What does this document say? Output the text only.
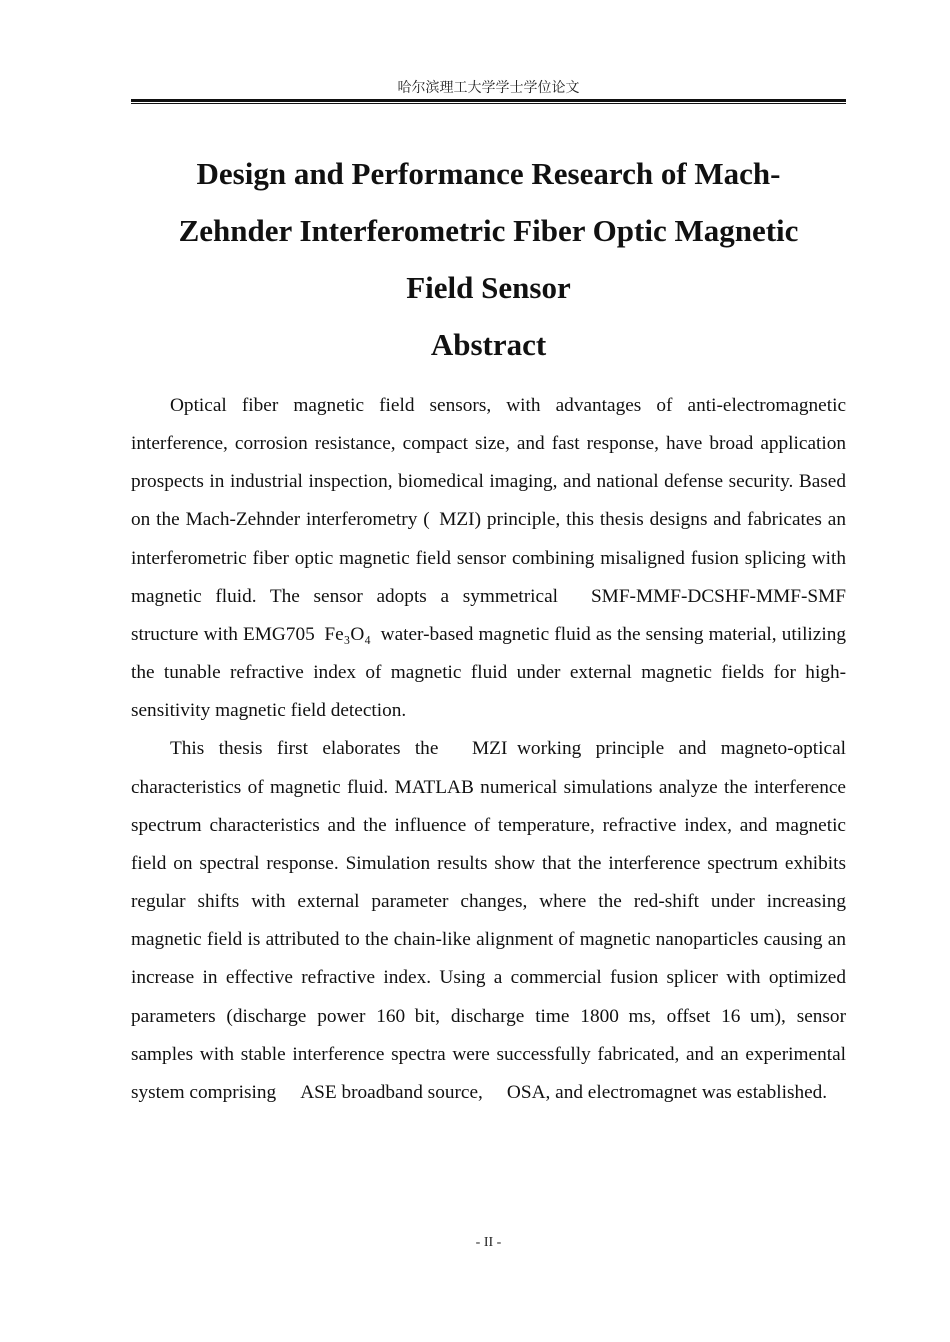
哈尔滨理工大学学士学位论文
Design and Performance Research of Mach-
Zehnder Interferometric Fiber Optic Magnetic
Field Sensor
Abstract

Optical fiber magnetic field sensors, with advantages of anti-electromagnetic interference, corrosion resistance, compact size, and fast response, have broad application prospects in industrial inspection, biomedical imaging, and national defense security. Based on the Mach-Zehnder interferometry ( MZI) principle, this thesis designs and fabricates an interferometric fiber optic magnetic field sensor combining misaligned fusion splicing with magnetic fluid. The sensor adopts a symmetrical   SMF-MMF-DCSHF-MMF-SMF structure with EMG705 Fe₃O₄ water-based magnetic fluid as the sensing material, utilizing the tunable refractive index of magnetic fluid under external magnetic fields for high-sensitivity magnetic field detection.

This thesis first elaborates the   MZI working principle and magneto-optical characteristics of magnetic fluid. MATLAB numerical simulations analyze the interference spectrum characteristics and the influence of temperature, refractive index, and magnetic field on spectral response. Simulation results show that the interference spectrum exhibits regular shifts with external parameter changes, where the red-shift under increasing magnetic field is attributed to the chain-like alignment of magnetic nanoparticles causing an increase in effective refractive index. Using a commercial fusion splicer with optimized parameters (discharge power 160 bit, discharge time 1800 ms, offset 16 um), sensor samples with stable interference spectra were successfully fabricated, and an experimental system comprising   ASE broadband source,   OSA, and electromagnet was established.

- II -
